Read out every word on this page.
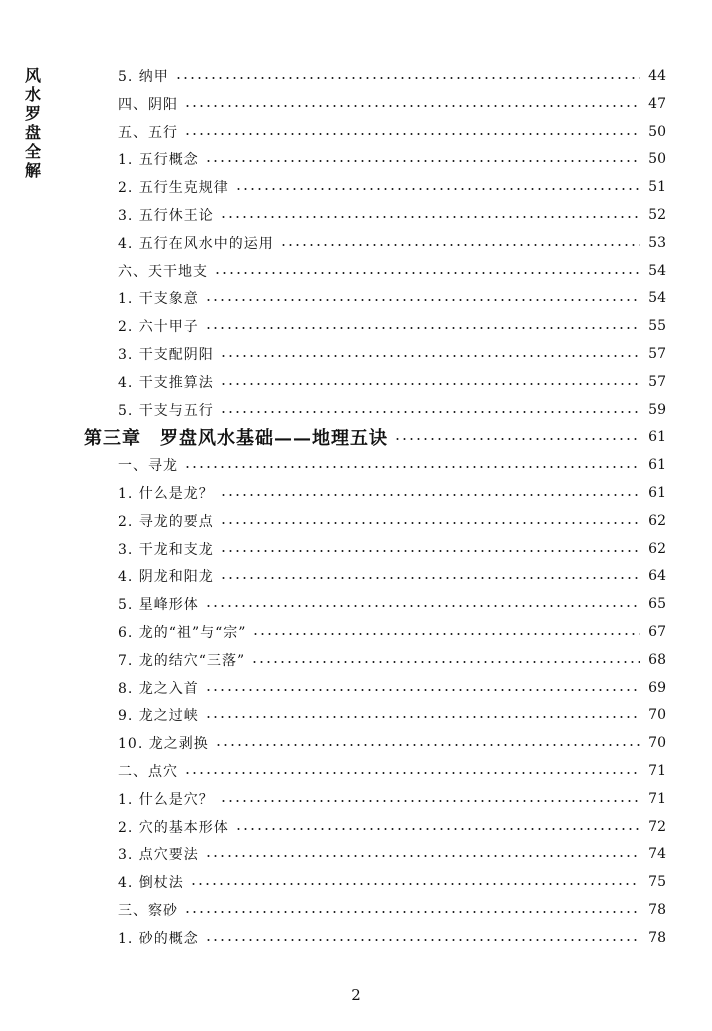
风
水
罗
盘
全
解
5. 纳甲	44
四、阴阳	47
五、五行	50
1. 五行概念	50
2. 五行生克规律	51
3. 五行休王论	52
4. 五行在风水中的运用	53
六、天干地支	54
1. 干支象意	54
2. 六十甲子	55
3. 干支配阴阳	57
4. 干支推算法	57
5. 干支与五行	59
第三章　罗盘风水基础——地理五诀	61
一、寻龙	61
1. 什么是龙？	61
2. 寻龙的要点	62
3. 干龙和支龙	62
4. 阴龙和阳龙	64
5. 星峰形体	65
6. 龙的“祖”与“宗”	67
7. 龙的结穴“三落”	68
8. 龙之入首	69
9. 龙之过峡	70
10. 龙之剥换	70
二、点穴	71
1. 什么是穴？	71
2. 穴的基本形体	72
3. 点穴要法	74
4. 倒杖法	75
三、察砂	78
1. 砂的概念	78
2
